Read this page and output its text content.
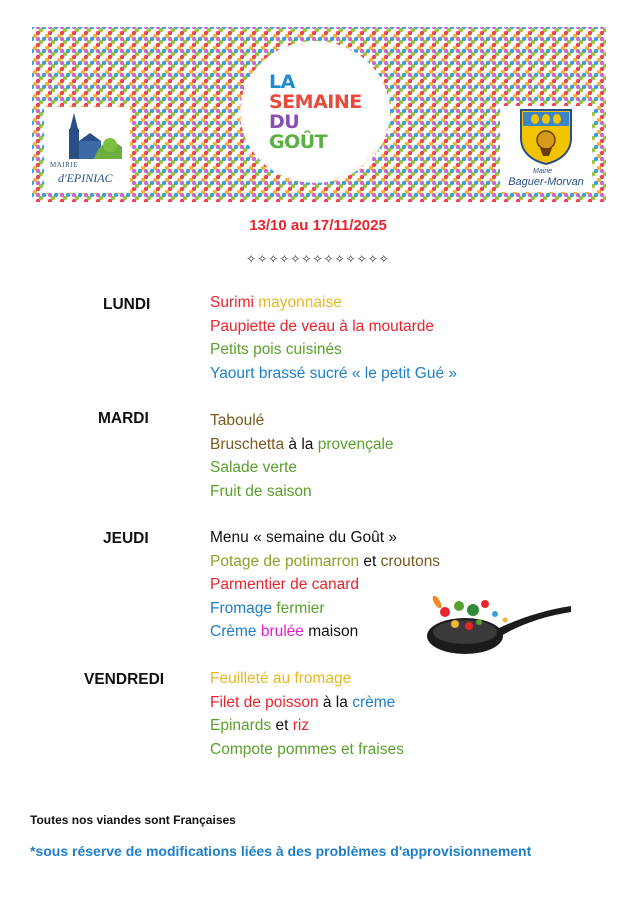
LA
SEMAINE
DU
GOÛT
MAIRIE
d'EPINIAC	Mairie
Baguer-Morvan
13/10 au 17/11/2025
✧✧✧✧✧✧✧✧✧✧✧✧✧
LUNDI	Surimi mayonnaise
Paupiette de veau à la moutarde
Petits pois cuisinés
Yaourt brassé sucré « le petit Gué »
MARDI	Taboulé
Bruschetta à la provençale
Salade verte
Fruit de saison
JEUDI	Menu « semaine du Goût »
Potage de potimarron et croutons
Parmentier de canard
Fromage fermier
Crème brulée maison
VENDREDI	Feuilleté au fromage
Filet de poisson à la crème
Epinards et riz
Compote pommes et fraises
Toutes nos viandes sont Françaises
*sous réserve de modifications liées à des problèmes d'approvisionnement
